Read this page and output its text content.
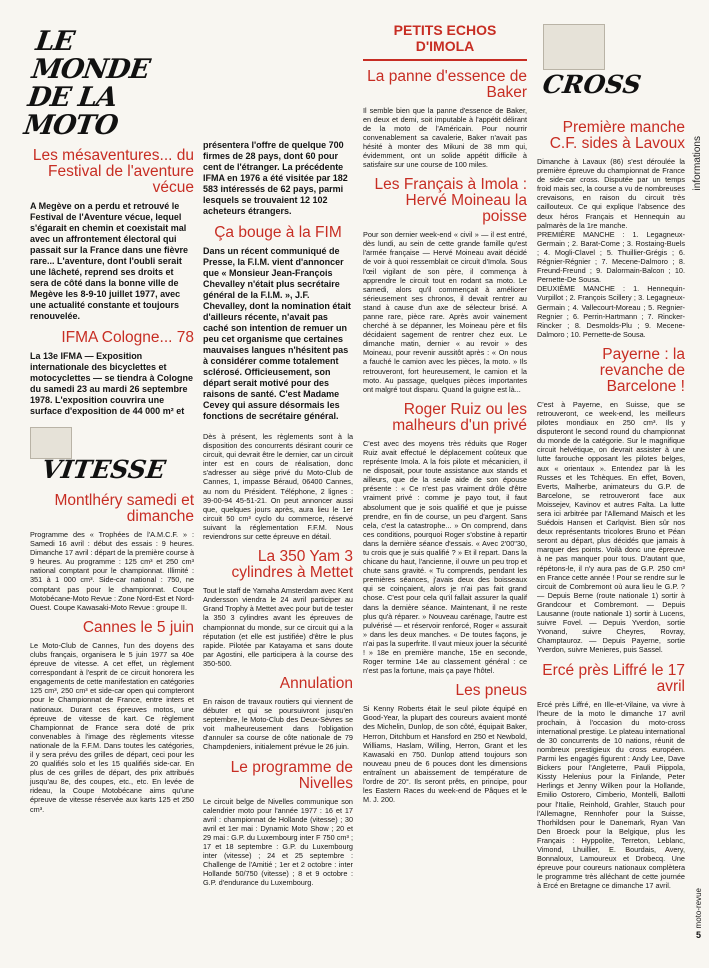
LE MONDE DE LA MOTO
Les mésaventures... du Festival de l'aventure vécue

A Megève on a perdu et retrouvé le Festival de l'Aventure vécue, lequel s'égarait en chemin et coexistait mal avec un affrontement électoral qui passait sur la France dans une fièvre rare... L'aventure, dont l'oubli serait une lâcheté, reprend ses droits et sera de côté dans la bonne ville de Megève les 8-9-10 juillet 1977, avec une actualité constante et toujours renouvelée.

IFMA Cologne... 78

La 13e IFMA — Exposition internationale des bicyclettes et motocyclettes — se tiendra à Cologne du samedi 23 au mardi 26 septembre 1978. L'exposition couvrira une surface d'exposition de 44 000 m² et

VITESSE
Montlhéry samedi et dimanche

Programme des « Trophées de l'A.M.C.F. » : Samedi 16 avril : début des essais : 9 heures. Dimanche 17 avril : départ de la première course à 9 heures. Au programme : 125 cm³ et 250 cm³ national comptant pour le championnat. Illimité : 351 à 1 000 cm³. Side-car national : 750, ne comptant pas pour le championnat. Coupe Motobécane-Moto Revue : Zone Nord-Est et Nord-Ouest. Coupe Kawasaki-Moto Revue : groupe II.

Cannes le 5 juin

Le Moto-Club de Cannes, l'un des doyens des clubs français, organisera le 5 juin 1977 sa 40e épreuve de vitesse. A cet effet, un règlement correspondant à l'esprit de ce circuit honorera les engagements de cette manifestation en catégories 125 cm³, 250 cm³ et side-car open qui compteront pour le Championnat de France, entre inters et nationaux. Durant ces épreuves motos, une épreuve de vitesse de kart. Ce règlement Championnat de France sera doté de prix convenables à l'image des règlements vitesse nationale de la F.F.M. Dans toutes les catégories, il y sera prévu des grilles de départ, ceci pour les 20 qualifiés solo et les 15 qualifiés side-car. En plus de ces grilles de départ, des prix attribués jusqu'au 8e, des coupes, etc., etc. En levée de rideau, la Coupe Motobécane aims qu'une épreuve de vitesse réservée aux karts 125 et 250 cm³.

présentera l'offre de quelque 700 firmes de 28 pays, dont 60 pour cent de l'étranger. La précédente IFMA en 1976 a été visitée par 182 583 intéressés de 62 pays, parmi lesquels se trouvaient 12 102 acheteurs étrangers.

Ça bouge à la FIM

Dans un récent communiqué de Presse, la F.I.M. vient d'annoncer que « Monsieur Jean-François Chevalley n'était plus secrétaire général de la F.I.M. », J.F. Chevalley, dont la nomination était d'ailleurs récente, n'avait pas caché son intention de remuer un peu cet organisme que certaines mauvaises langues n'hésitent pas à considérer comme totalement sclérosé. Officieusement, son départ serait motivé pour des raisons de santé. C'est Madame Cevey qui assure désormais les fonctions de secrétaire général.

Dès à présent, les règlements sont à la disposition des concurrents désirant courir ce circuit, qui devrait être le dernier, car un circuit inter est en cours de réalisation, donc s'adresser au siège privé du Moto-Club de Cannes, 1, impasse Béraud, 06400 Cannes, au nom du Président. Téléphone, 2 lignes : 39-00-94 45-51-21. On peut annoncer aussi que, quelques jours après, aura lieu le 1er circuit 50 cm³ cyclo du commerce, réservé suivant la réglementation F.F.M. Nous reviendrons sur cette épreuve en détail.

La 350 Yam 3 cylindres à Mettet

Tout le staff de Yamaha Amsterdam avec Kent Andersson viendra le 24 avril participer au Grand Trophy à Mettet avec pour but de tester la 350 3 cylindres avant les épreuves de championnat du monde, sur ce circuit qui a la réputation (et elle est justifiée) d'être le plus rapide. Pilotée par Katayama et sans doute par Agostini, elle participera à la course des 350-500.

Annulation

En raison de travaux routiers qui viennent de débuter et qui se poursuivront jusqu'en septembre, le Moto-Club des Deux-Sèvres se voit malheureusement dans l'obligation d'annuler sa course de côte nationale de 79 Champdeniers, initialement prévue le 26 juin.

Le programme de Nivelles

Le circuit belge de Nivelles communique son calendrier moto pour l'année 1977 : 16 et 17 avril : championnat de Hollande (vitesse) ; 30 avril et 1er mai : Dynamic Moto Show ; 20 et 29 mai : G.P. du Luxembourg inter F 750 cm³ ; 17 et 18 septembre : G.P. du Luxembourg inter (vitesse) ; 24 et 25 septembre : Challenge de l'Amitié ; 1er et 2 octobre : inter Hollande 50/750 (vitesse) ; 8 et 9 octobre : G.P. d'endurance du Luxembourg.

PETITS ECHOS D'IMOLA
La panne d'essence de Baker

Il semble bien que la panne d'essence de Baker, en deux et demi, soit imputable à l'appétit délirant de la moto de l'Américain. Pour nourrir convenablement sa cavalerie, Baker n'avait pas hésité à monter des Mikuni de 38 mm qui, évidemment, ont un solide appétit difficile à satisfaire sur une course de 100 miles.

Les Français à Imola : Hervé Moineau la poisse

Pour son dernier week-end « civil » — il est entré, dès lundi, au sein de cette grande famille qu'est l'armée française — Hervé Moineau avait décidé de voir à quoi ressemblait ce circuit d'Imola. Sous l'œil vigilant de son père, il commença à apprendre le circuit tout en rodant sa moto. Le samedi, alors qu'il commençait à améliorer sérieusement ses chronos, il devait rentrer au stand à cause d'un axe de sélecteur brisé. A panne rare, pièce rare. Après avoir vainement cherché à se dépanner, les Moineau père et fils décidaient sagement de rentrer chez eux. Le dimanche matin, dernier « au revoir » des Moineau, pour revenir aussitôt après : « On nous a fauché le camion avec les pièces, la moto. » Ils retrouveront, fort heureusement, le camion et la moto. Au passage, quelques pièces importantes ont malgré tout disparu. Quand la guigne est là...

Roger Ruiz ou les malheurs d'un privé

C'est avec des moyens très réduits que Roger Ruiz avait effectué le déplacement coûteux que représente Imola. A la fois pilote et mécanicien, il ne disposait, pour toute assistance aux stands et ailleurs, que de la seule aide de son épouse présente : « Ce n'est pas vraiment drôle d'être vraiment privé : comme je payo tout, il faut absolument que je sois qualifié et que je puisse prendre, en fin de course, un peu d'argent. Sans cela, c'est la catastrophe... » On comprend, dans ces conditions, pourquoi Roger s'obstine à repartir dans la dernière séance d'essais. « Avec 2'00"30, tu crois que je suis qualifié ? » Et il repart. Dans la chicane du haut, l'ancienne, il ouvre un peu trop et chute sans gravité. « Tu comprends, pendant les premières séances, j'avais deux des boisseaux qui se coinçaient, alors je n'ai pas fait grand chose. C'est pour cela qu'il fallait assurer la qualif dans la dernière séance. Maintenant, il ne reste plus qu'à réparer. » Nouveau carénage, l'autre est pulvérisé — et réservoir renforcé, Roger « assurait » dans les deux manches. « De toutes façons, je n'ai pas la superfrite. Il vaut mieux jouer la sécurité ! » 18e en première manche, 15e en seconde, Roger termine 14e au classement général : ce n'est pas la fortune, mais ça paye l'hôtel.

Les pneus

Si Kenny Roberts était le seul pilote équipé en Good-Year, la plupart des coureurs avaient monté des Michelin, Dunlop, de son côté, équipait Baker, Herron, Ditchburn et Hansford en 250 et Newbold, Williams, Haslam, Willing, Herron, Grant et les Kawasaki en 750. Dunlop attend toujours son nouveau pneu de 6 pouces dont les dimensions entraînent un abaissement de température de l'ordre de 20°. Ils seront prêts, en principe, pour les Eastern Races du week-end de Pâques et le M. J. 200.

CROSS
Première manche C.F. sides à Lavoux

Dimanche à Lavaux (86) s'est déroulée la première épreuve du championnat de France de side-car cross. Disputée par un temps froid mais sec, la course a vu de nombreuses crevaisons, en raison du circuit très caillouteux. Ce qui explique l'absence des deux héros Français et Hennequin au palmarès de la 1re manche.

PREMIÈRE MANCHE : 1. Legagneux-Germain ; 2. Barat-Come ; 3. Rostaing-Buels ; 4. Mogli-Clavel ; 5. Thuillier-Grégis ; 6. Régnier-Régnier ; 7. Mecene-Dalmoro ; 8. Freund-Freund ; 9. Dalormain-Balcon ; 10. Pernette-De Sousa.

DEUXIÈME MANCHE : 1. Hennequin-Vurpillot ; 2. François Scillery ; 3. Legagneux-Germain ; 4. Vallecourt-Moreau ; 5. Regnier-Regnier ; 6. Perrin-Hartmann ; 7. Rincker-Rincker ; 8. Desmolds-Plu ; 9. Mecene-Dalmoro ; 10. Pernette-de Sousa.

Payerne : la revanche de Barcelone !

C'est à Payerne, en Suisse, que se retrouveront, ce week-end, les meilleurs pilotes mondiaux en 250 cm³. Ils y disputeront le second round du championnat du monde de la catégorie. Sur le magnifique circuit helvétique, on devrait assister à une lutte farouche opposant les pilotes belges, aux « orientaux ». Entendez par là les Russes et les Tchèques. En effet, Boven, Everts, Malherbe, animateurs du G.P. de Barcelone, se retrouveront face aux Moissejev, Kavinov et autres Falta. La lutte sera ici arbitrée par l'Allemand Maisch et les Suédois Hansen et Carlqvist. Bien sûr nos deux représentants tricolores Bruno et Péan seront au départ, plus décidés que jamais à marquer des points. Voilà donc une épreuve à ne pas manquer pour tous. D'autant que, répétons-le, il n'y aura pas de G.P. 250 cm³ en France cette année ! Pour se rendre sur le circuit de Combremont où aura lieu le G.P. ? — Depuis Berne (route nationale 1) sortir à Grandcour et Combremont. — Depuis Lausanne (route nationale 1) sortir à Lucens, suivre Fovel. — Depuis Yverdon, sortie Yvonand, suivre Cheyres, Rovray, Champtauroz. — Depuis Payerne, sortie Yverdon, suivre Menieres, puis Sassel.

Ercé près Liffré le 17 avril

Ercé près Liffré, en Ille-et-Vilaine, va vivre à l'heure de la moto le dimanche 17 avril prochain, à l'occasion du moto-cross international prestige. Le plateau international de 30 concurrents de 10 nations, réunit de nombreux prestigieux du cross européen. Parmi les engagés figurent : Andy Lee, Dave Bickers pour l'Angleterre, Pauli Piippola, Kissty Helenius pour la Finlande, Peter Herlings et Jenny Wilken pour la Hollande, Emilio Ostorero, Cimberio, Montelli, Ballotti pour l'Italie, Reinhold, Grahler, Stauch pour l'Allemagne, Rennhofer pour la Suisse, Thorhildsen pour le Danemark, Ryan Van Den Broeck pour la Belgique, plus les Français : Hyppolite, Terreton, Leblanc, Vimond, Lhuillier, E. Bourdais, Avery, Bonnaloux, Lamoureux et Drobecq. Une épreuve pour coureurs nationaux complètera le programme très alléchant de cette journée à Ercé en Bretagne ce dimanche 17 avril.

informations
moto-revue
5
